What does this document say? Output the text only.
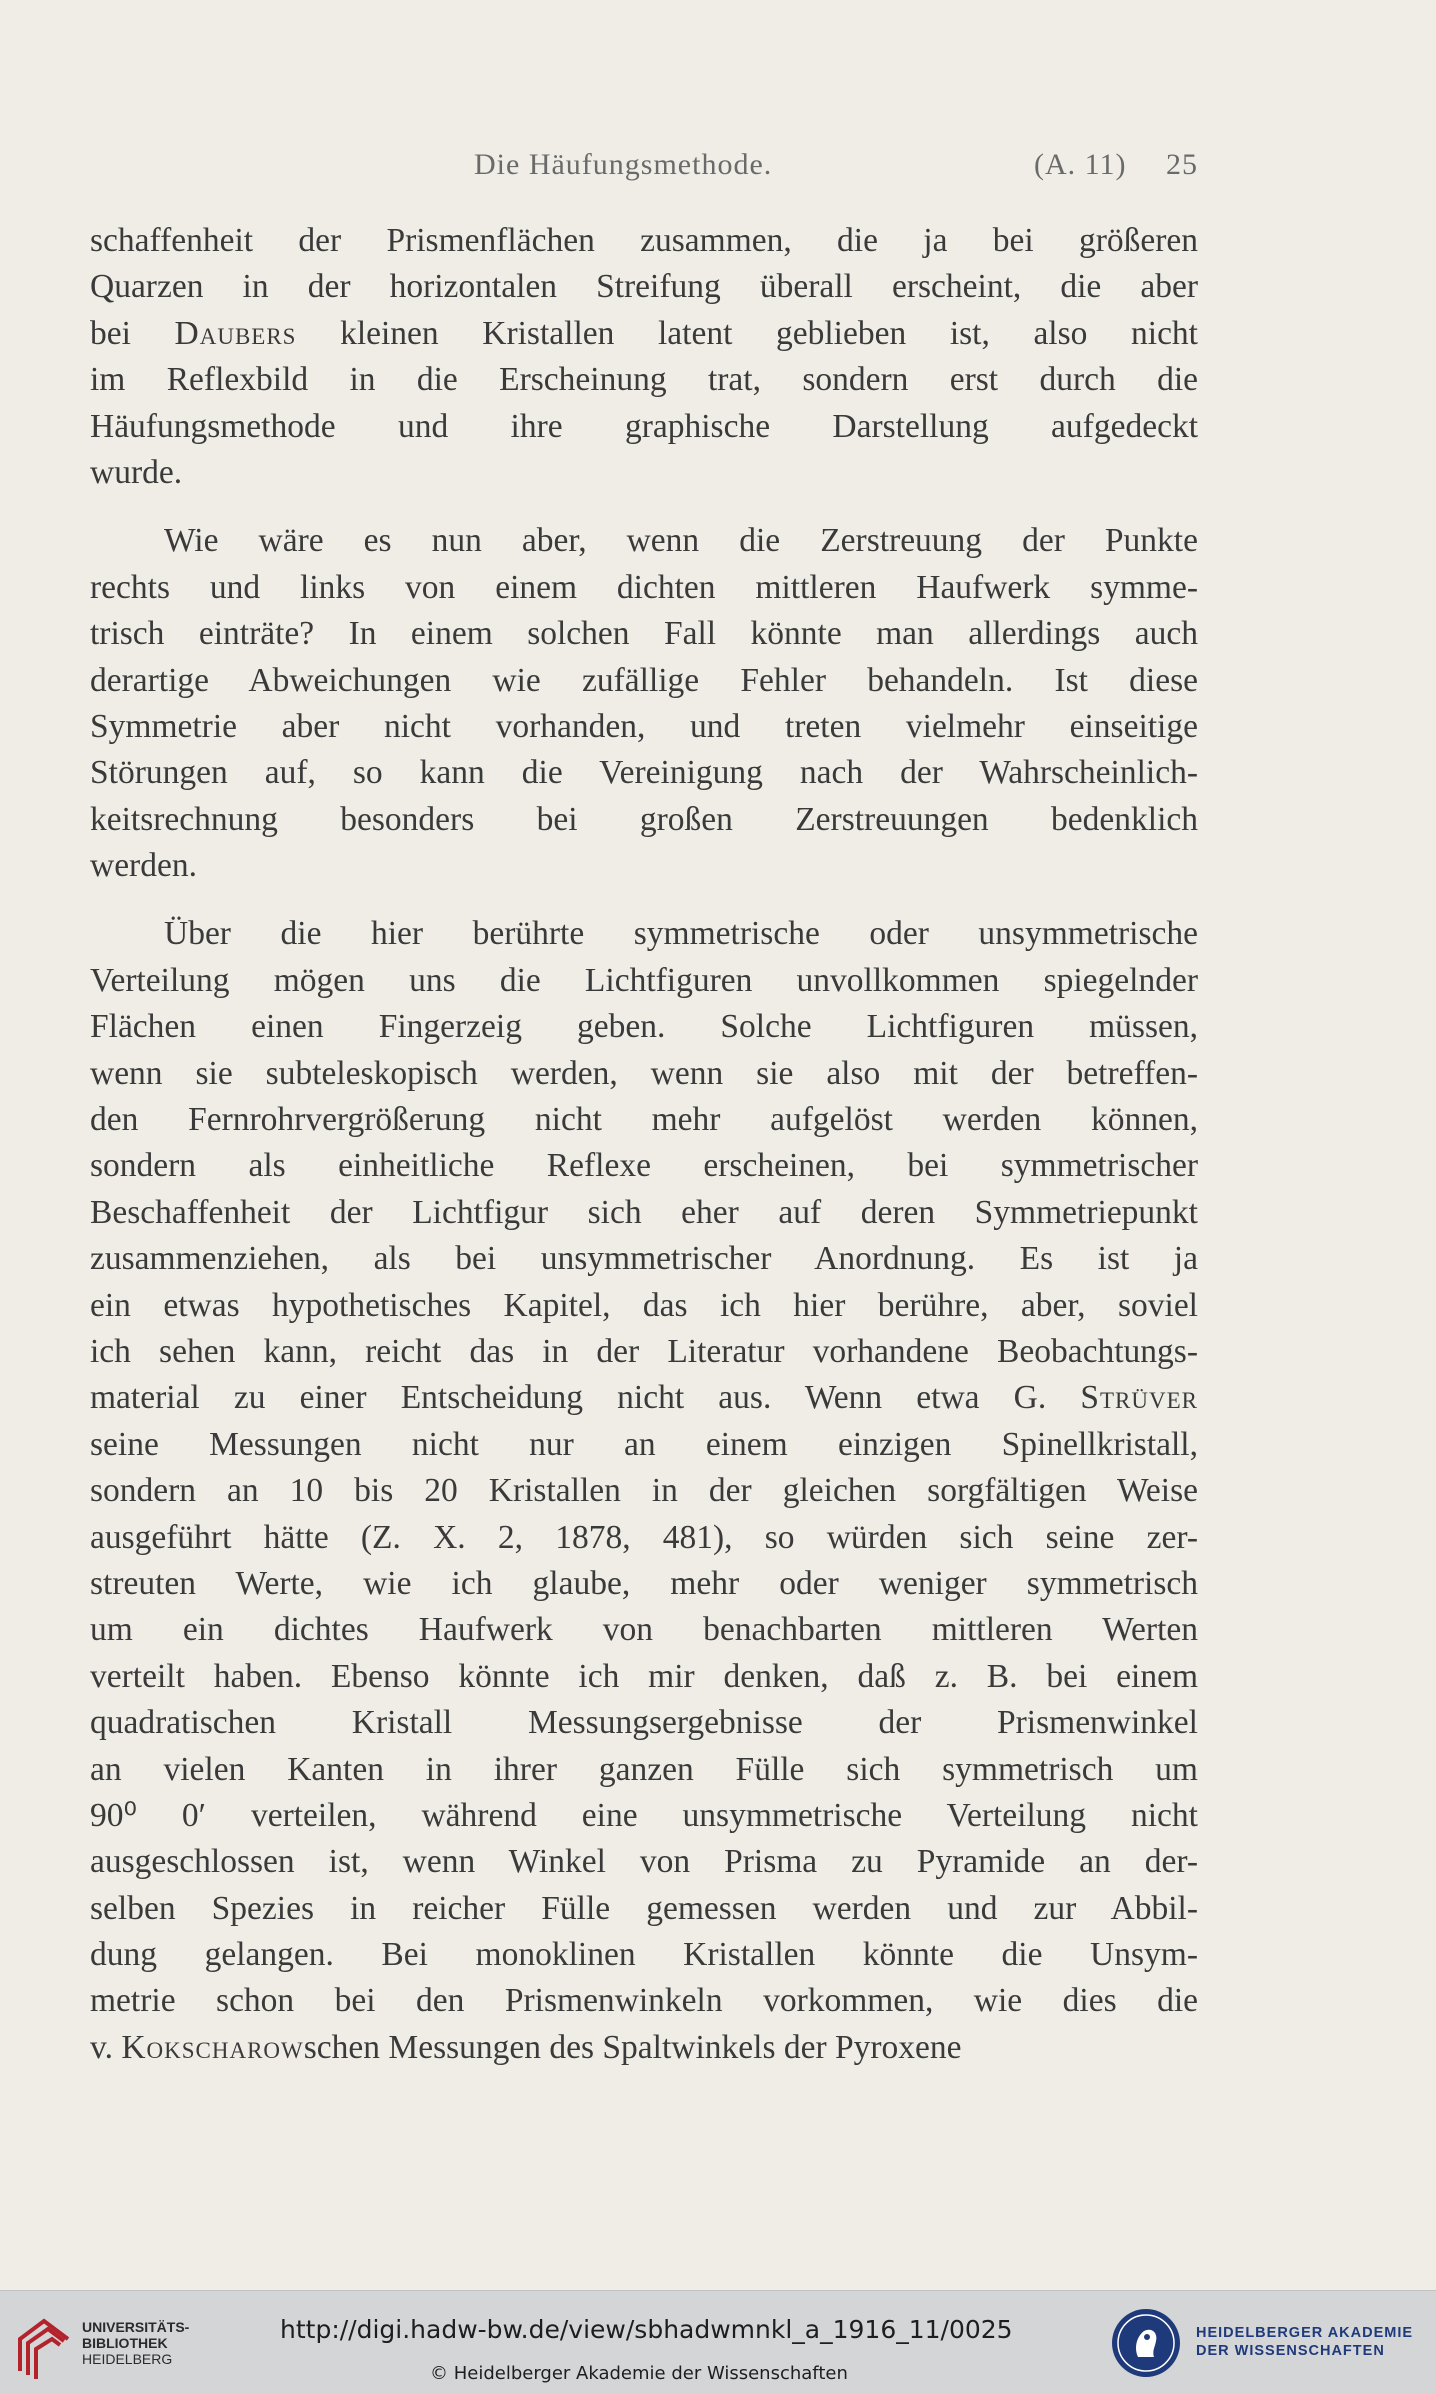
Die Häufungsmethode.	(A. 11) 25
schaffenheit der Prismenflächen zusammen, die ja bei größeren
Quarzen in der horizontalen Streifung überall erscheint, die aber
bei Daubers kleinen Kristallen latent geblieben ist, also nicht
im Reflexbild in die Erscheinung trat, sondern erst durch die
Häufungsmethode und ihre graphische Darstellung aufgedeckt
wurde.
Wie wäre es nun aber, wenn die Zerstreuung der Punkte
rechts und links von einem dichten mittleren Haufwerk symme-
trisch einträte? In einem solchen Fall könnte man allerdings auch
derartige Abweichungen wie zufällige Fehler behandeln. Ist diese
Symmetrie aber nicht vorhanden, und treten vielmehr einseitige
Störungen auf, so kann die Vereinigung nach der Wahrscheinlich-
keitsrechnung besonders bei großen Zerstreuungen bedenklich
werden.
Über die hier berührte symmetrische oder unsymmetrische
Verteilung mögen uns die Lichtfiguren unvollkommen spiegelnder
Flächen einen Fingerzeig geben. Solche Lichtfiguren müssen,
wenn sie subteleskopisch werden, wenn sie also mit der betreffen-
den Fernrohrvergrößerung nicht mehr aufgelöst werden können,
sondern als einheitliche Reflexe erscheinen, bei symmetrischer
Beschaffenheit der Lichtfigur sich eher auf deren Symmetriepunkt
zusammenziehen, als bei unsymmetrischer Anordnung. Es ist ja
ein etwas hypothetisches Kapitel, das ich hier berühre, aber, soviel
ich sehen kann, reicht das in der Literatur vorhandene Beobachtungs-
material zu einer Entscheidung nicht aus. Wenn etwa G. Strüver
seine Messungen nicht nur an einem einzigen Spinellkristall,
sondern an 10 bis 20 Kristallen in der gleichen sorgfältigen Weise
ausgeführt hätte (Z. X. 2, 1878, 481), so würden sich seine zer-
streuten Werte, wie ich glaube, mehr oder weniger symmetrisch
um ein dichtes Haufwerk von benachbarten mittleren Werten
verteilt haben. Ebenso könnte ich mir denken, daß z. B. bei einem
quadratischen Kristall Messungsergebnisse der Prismenwinkel
an vielen Kanten in ihrer ganzen Fülle sich symmetrisch um
90⁰ 0′ verteilen, während eine unsymmetrische Verteilung nicht
ausgeschlossen ist, wenn Winkel von Prisma zu Pyramide an der-
selben Spezies in reicher Fülle gemessen werden und zur Abbil-
dung gelangen. Bei monoklinen Kristallen könnte die Unsym-
metrie schon bei den Prismenwinkeln vorkommen, wie dies die
v. Kokscharowschen Messungen des Spaltwinkels der Pyroxene
UNIVERSITÄTS-
BIBLIOTHEK
HEIDELBERG
http://digi.hadw-bw.de/view/sbhadwmnkl_a_1916_11/0025
© Heidelberger Akademie der Wissenschaften
HEIDELBERGER AKADEMIE
DER WISSENSCHAFTEN
